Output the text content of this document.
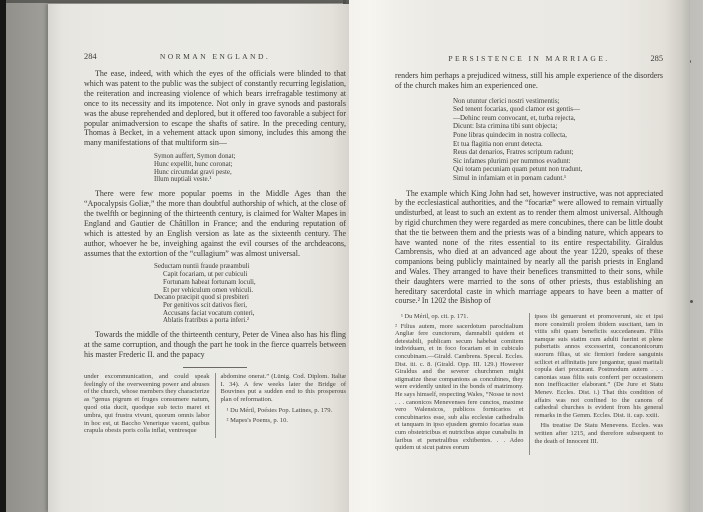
284	NORMAN ENGLAND.

The ease, indeed, with which the eyes of the officials were blinded to that which was patent to the public was the subject of constantly recurring legislation, the reiteration and increasing violence of which bears irrefragable testimony at once to its necessity and its impotence. Not only in grave synods and pastorals was the abuse reprehended and deplored, but it offered too favorable a subject for popular animadversion to escape the shafts of satire. In the preceding century, Thomas à Becket, in a vehement attack upon simony, includes this among the many manifestations of that multiform sin—

Symon auffert, Symon donat;
Hunc expellit, hunc coronat;
Hunc circumdat gravi peste,
Illum nuptiali veste.¹

There were few more popular poems in the Middle Ages than the “Apocalypsis Goliæ,” the more than doubtful authorship of which, at the close of the twelfth or beginning of the thirteenth century, is claimed for Walter Mapes in England and Gautier de Châtillon in France; and the enduring reputation of which is attested by an English version as late as the sixteenth century. The author, whoever he be, inveighing against the evil courses of the archdeacons, assumes that the extortion of the “cullagium” was almost universal.

Seductam nuntii fraude præambuli
Capit focariam, ut per cubiculi
Fortunam habeat fortunam loculi,
Et per vehiculum omen vehiculi.
Decano præcipit quod si presbiteri
Per genitivos scit dativos fieri,
Accusans faciat vocatum conteri,
Ablatis fratribus a porta inferi.²

Towards the middle of the thirteenth century, Peter de Vinea also has his fling at the same corruption, and though the part he took in the fierce quarrels between his master Frederic II. and the papacy

under excommunication, and could speak feelingly of the overweening power and abuses of the church, whose members they characterize as “genus pigrum et fruges consumere natum, quod otia ducit, quodque sub tecto maret et umbra, qui frustra vivunt, quorum omnis labor in hoc est, ut Baccho Venerique vacent, quibus crapula obesis poris colla inflat, ventresque
abdomine onerat.” (Lünig. Cod. Diplom. Italiæ I. 34). A few weeks later the Bridge of Bouvines put a sudden end to this prosperous plan of reformation.
¹ Du Méril, Poésies Pop. Latines, p. 179.
² Mapes's Poems, p. 10.
PERSISTENCE IN MARRIAGE.	285

renders him perhaps a prejudiced witness, still his ample experience of the disorders of the church makes him an experienced one.

Non utuntur clerici nostri vestimentis;
Sed tenent focarias, quod clamor est gentis—
—Dehinc reum convocant, et, turba rejecta,
Dicunt: Ista crimina tibi sunt objecta;
Pone libras quindecim in nostra collecta,
Et tua flagitia non erunt detecta.
Reus dat denarios, Fratres scriptum radunt;
Sic infames plurimi per nummos evadunt:
Qui totam pecuniam quam petunt non tradunt,
Simul in infamiam et in pœnam cadunt.¹

The example which King John had set, however instructive, was not appreciated by the ecclesiastical authorities, and the “focariæ” were allowed to remain virtually undisturbed, at least to such an extent as to render them almost universal. Although by rigid churchmen they were regarded as mere concubines, there can be little doubt that the tie between them and the priests was of a binding nature, which appears to have wanted none of the rites essential to its entire respectability. Giraldus Cambrensis, who died at an advanced age about the year 1220, speaks of these companions being publicly maintained by nearly all the parish priests in England and Wales. They arranged to have their benefices transmitted to their sons, while their daughters were married to the sons of other priests, thus establishing an hereditary sacerdotal caste in which marriage appears to have been a matter of course.² In 1202 the Bishop of

¹ Du Méril, op. cit. p. 171.
² Filius autem, more sacerdotum parochialium Angliæ fere cunctorum, damnabili quidem et detestabili, publicam secum habebat comitem individuam, et in foco focariam et in cubiculo concubinam.—Girald. Cambrens. Specul. Eccles. Dist. iii. c. 8. (Girald. Opp. III. 129.) However Giraldus and the severer churchmen might stigmatize these companions as concubines, they were evidently united in the bonds of matrimony. He says himself, respecting Wales, “Nosse te novi . . . canonicos Menevenses fere cunctos, maxime vero Walensicos, publicos fornicarios et concubinarios esse, sub alia ecclesiæ cathedralis et tanquam in ipso ejusdem gremio focarias suas cum obstetricibus et nutricibus atque cunabulis in laribus et penetralibus exhibentes. . . Adeo quidem ut sicut patres eorum
ipsos ibi genuerunt et promoverunt, sic et ipsi more consimili prolem ibidem suscitant, tam in vitiis sibi quam beneficiis succedaneam. Filiis namque suis statim cum adulti fuerint et plene pubertatis annos excesserint, concanonicorum suorum filias, ut sic firmiori fœdere sanguinis scilicet et affinitatis jure jungantur, quasi maritali copula dari procurant. Postmodum autem . . . canonias suas filiis suis conferri per occasionem non inefficaciter elaborant.” (De Jure et Statu Menev. Eccles. Dist. i.) That this condition of affairs was not confined to the canons of cathedral churches is evident from his general remarks in the Gemm. Eccles. Dist. ii. cap. xxiii.
His treatise De Statu Menevens. Eccles. was written after 1215, and therefore subsequent to the death of Innocent III.
